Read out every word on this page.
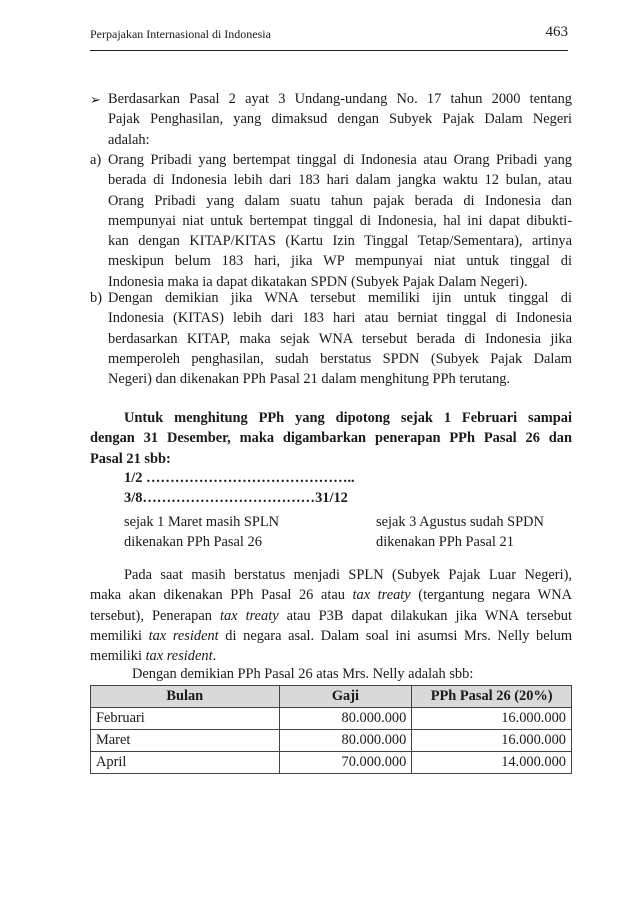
Perpajakan Internasional di Indonesia	463
➢ Berdasarkan Pasal 2 ayat 3 Undang-undang No. 17 tahun 2000 tentang
Pajak Penghasilan, yang dimaksud dengan Subyek Pajak Dalam Negeri
adalah:
a) Orang Pribadi yang bertempat tinggal di Indonesia atau Orang Pribadi yang
berada di Indonesia lebih dari 183 hari dalam jangka waktu 12 bulan, atau
Orang Pribadi yang dalam suatu tahun pajak berada di Indonesia dan
mempunyai niat untuk bertempat tinggal di Indonesia, hal ini dapat dibukti-
kan dengan KITAP/KITAS (Kartu Izin Tinggal Tetap/Sementara), artinya
meskipun belum 183 hari, jika WP mempunyai niat untuk tinggal di
Indonesia maka ia dapat dikatakan SPDN (Subyek Pajak Dalam Negeri).
b) Dengan demikian jika WNA tersebut memiliki ijin untuk tinggal di
Indonesia (KITAS) lebih dari 183 hari atau berniat tinggal di Indonesia
berdasarkan KITAP, maka sejak WNA tersebut berada di Indonesia jika
memperoleh penghasilan, sudah berstatus SPDN (Subyek Pajak Dalam
Negeri) dan dikenakan PPh Pasal 21 dalam menghitung PPh terutang.
Untuk menghitung PPh yang dipotong sejak 1 Februari sampai
dengan 31 Desember, maka digambarkan penerapan PPh Pasal 26 dan
Pasal 21 sbb:
1/2 ……………………………………..
3/8………………………………31/12
sejak 1 Maret masih SPLN
dikenakan PPh Pasal 26
sejak 3 Agustus sudah SPDN
dikenakan PPh Pasal 21
Pada saat masih berstatus menjadi SPLN (Subyek Pajak Luar Negeri),
maka akan dikenakan PPh Pasal 26 atau tax treaty (tergantung negara WNA
tersebut), Penerapan tax treaty atau P3B dapat dilakukan jika WNA tersebut
memiliki tax resident di negara asal. Dalam soal ini asumsi Mrs. Nelly belum
memiliki tax resident.
Dengan demikian PPh Pasal 26 atas Mrs. Nelly adalah sbb:
Bulan	Gaji	PPh Pasal 26 (20%)
Februari	80.000.000	16.000.000
Maret	80.000.000	16.000.000
April	70.000.000	14.000.000
